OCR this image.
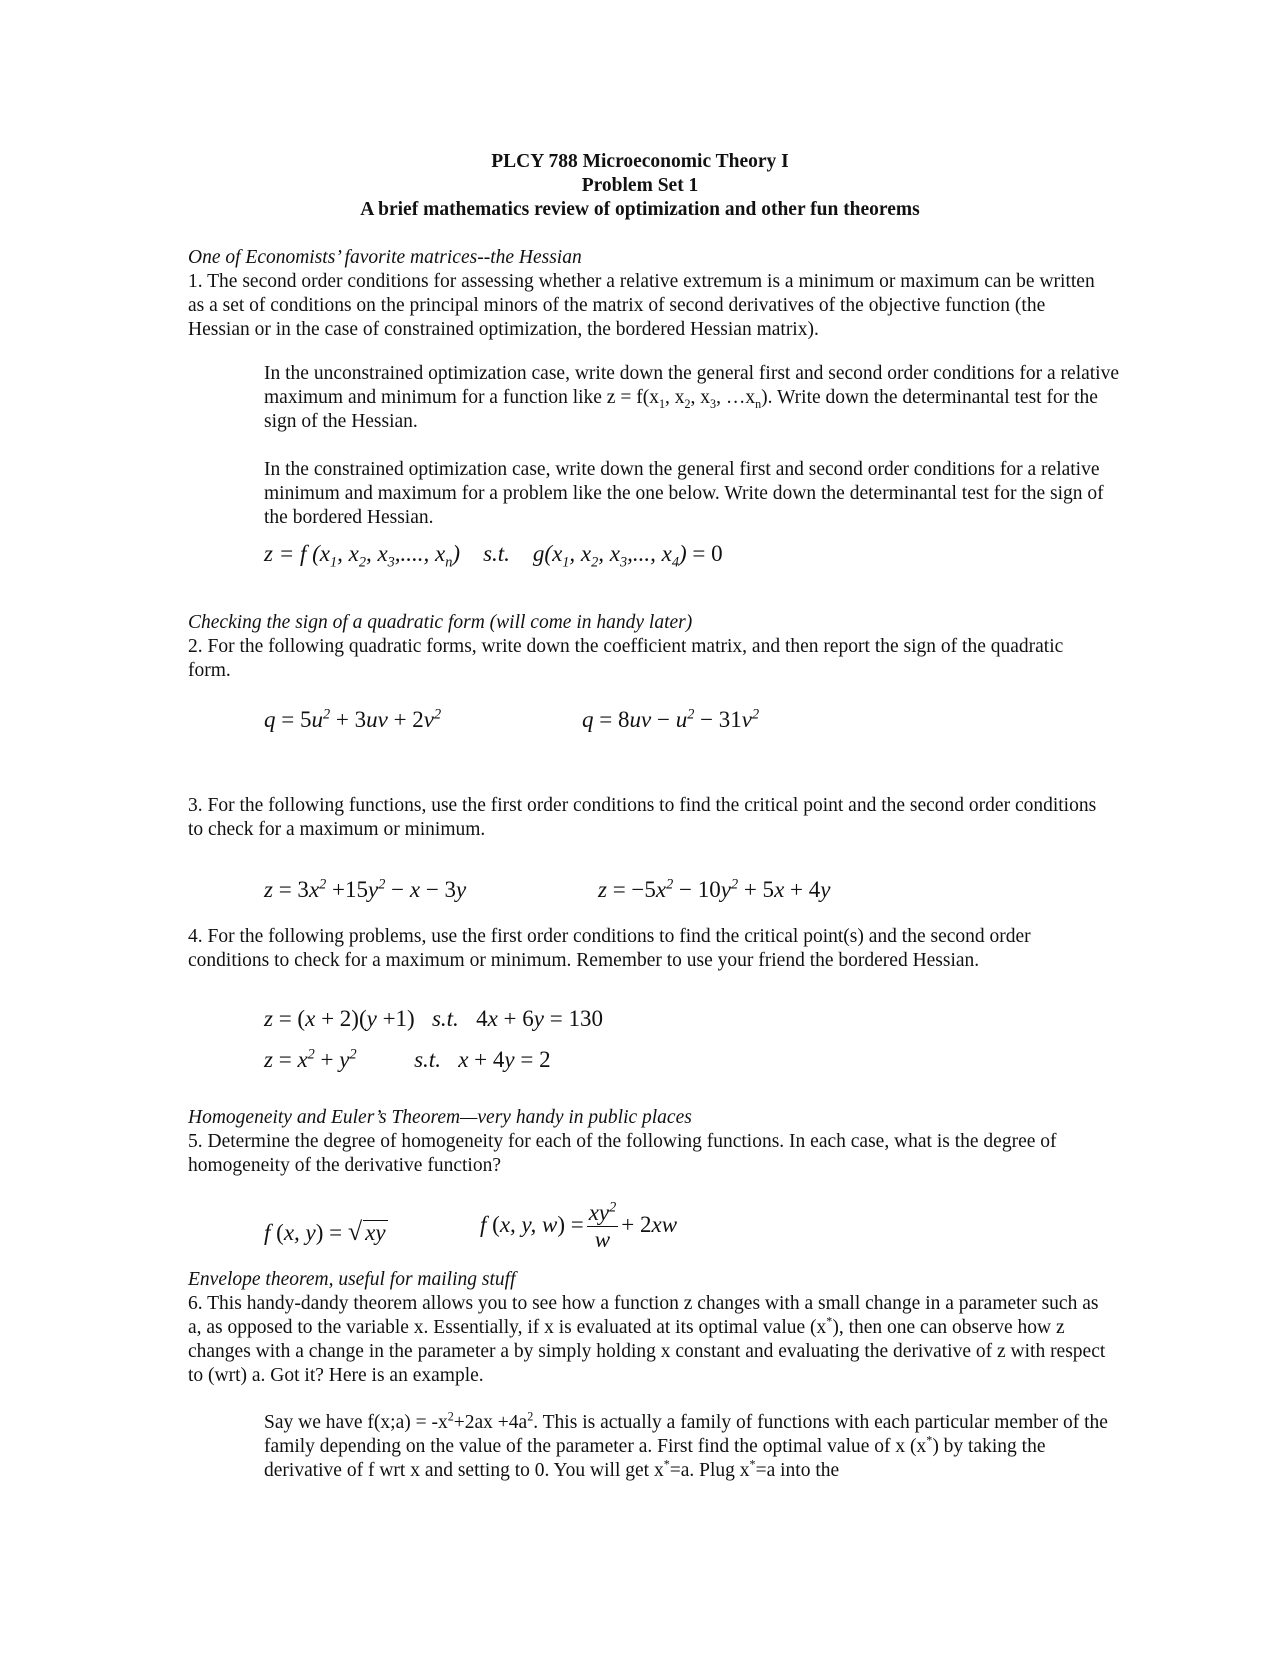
PLCY 788 Microeconomic Theory I
Problem Set 1
A brief mathematics review of optimization and other fun theorems
One of Economists’ favorite matrices--the Hessian
1. The second order conditions for assessing whether a relative extremum is a minimum or maximum can be written as a set of conditions on the principal minors of the matrix of second derivatives of the objective function (the Hessian or in the case of constrained optimization, the bordered Hessian matrix).
In the unconstrained optimization case, write down the general first and second order conditions for a relative maximum and minimum for a function like $z = f(x_1$, $x_2$, $x_3$, $\dots x_n$). Write down the determinantal test for the sign of the Hessian.
In the constrained optimization case, write down the general first and second order conditions for a relative minimum and maximum for a problem like the one below. Write down the determinantal test for the sign of the bordered Hessian.
z = f ($x_1$, $x_2$, $x_3$,...., $x_n$)    s.t.    $g(x_1$, $x_2$, $x_3$,..., $x_4) = 0$
Checking the sign of a quadratic form (will come in handy later)
2. For the following quadratic forms, write down the coefficient matrix, and then report the sign of the quadratic form.
$q = 5u^2 + 3uv + 2v^2$	$q = 8uv - u^2 - 31v^2$
3. For the following functions, use the first order conditions to find the critical point and the second order conditions to check for a maximum or minimum.
$z = 3x^2 +15y^2 - x - 3y$	$z = -5x^2 - 10y^2 + 5x + 4y$
4. For the following problems, use the first order conditions to find the critical point(s) and the second order conditions to check for a maximum or minimum. Remember to use your friend the bordered Hessian.
z = (x + 2)(y +1) s.t. 4x + 6y = 130
$z = x^2 + y^2$	s.t.   x + 4y = 2
Homogeneity and Euler’s Theorem—very handy in public places
5. Determine the degree of homogeneity for each of the following functions. In each case, what is the degree of homogeneity of the derivative function?
f (x, y) = √ xy	f (x, y, $w) = \frac{xy^2}{w} + 2xw$
Envelope theorem, useful for mailing stuff
6. This handy-dandy theorem allows you to see how a function z changes with a small change in a parameter such as a, as opposed to the variable x. Essentially, if x is evaluated at its optimal value (x*), then one can observe how z changes with a change in the parameter a by simply holding x constant and evaluating the derivative of z with respect to (wrt) a. Got it? Here is an example.
Say we have f(x;a) = $-x^2+2ax +4a^2$. This is actually a family of functions with each particular member of the family depending on the value of the parameter a. First find the optimal value of x (x*) by taking the derivative of f wrt x and setting to 0. You will get x*=a. Plug x*=a into the
